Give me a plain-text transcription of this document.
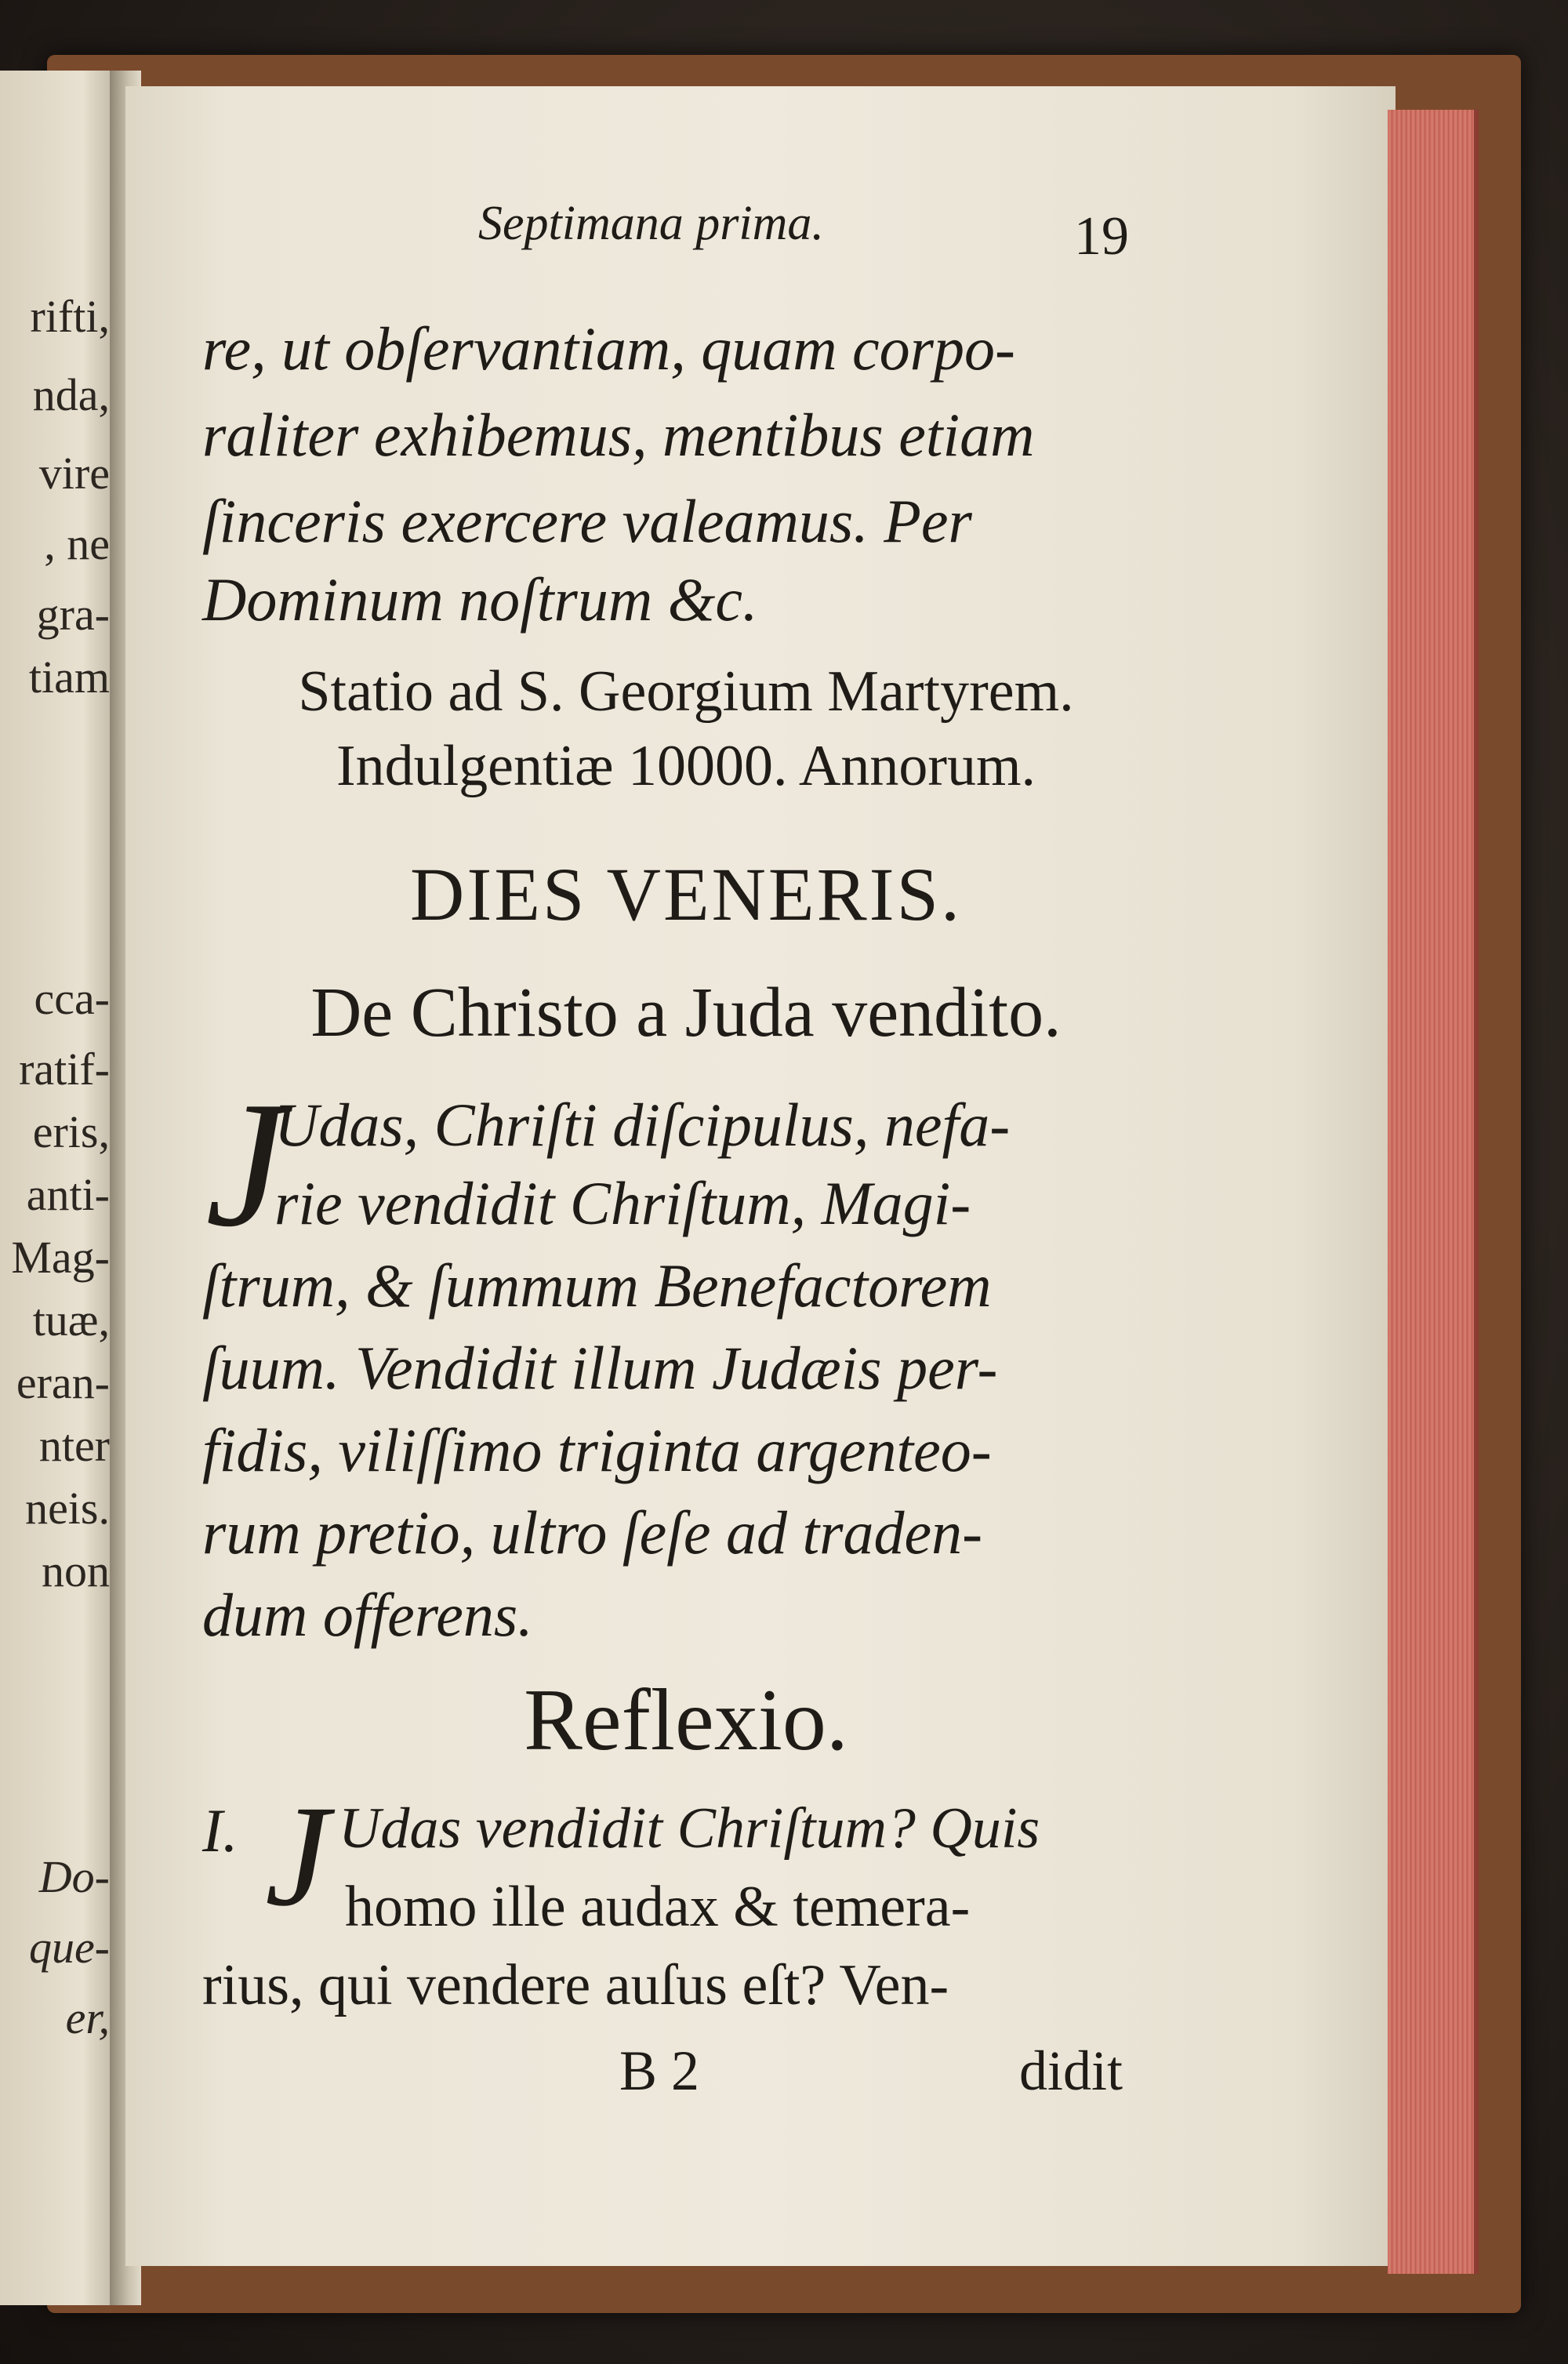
rifti,
nda,
vire
, ne
gra-
tiam
cca-
ratif-
eris,
anti-
Mag-
tuæ,
eran-
nter
neis.
non
Do-
que-
er,
Septimana prima.	19
re, ut obſervantiam, quam corpo-
raliter exhibemus, mentibus etiam
ſinceris exercere valeamus. Per
Dominum noſtrum &c.
Statio ad S. Georgium Martyrem.
Indulgentiæ 10000. Annorum.
DIES VENERIS.
De Christo a Juda vendito.
J
Udas, Chriſti diſcipulus, nefa-
rie vendidit Chriſtum, Magi-
ſtrum, & ſummum Benefactorem
ſuum. Vendidit illum Judæis per-
fidis, viliſſimo triginta argenteo-
rum pretio, ultro ſeſe ad traden-
dum offerens.
Reflexio.
I. J Udas vendidit Chriſtum? Quis
homo ille audax & temera-
rius, qui vendere auſus eſt? Ven-
B 2	didit
